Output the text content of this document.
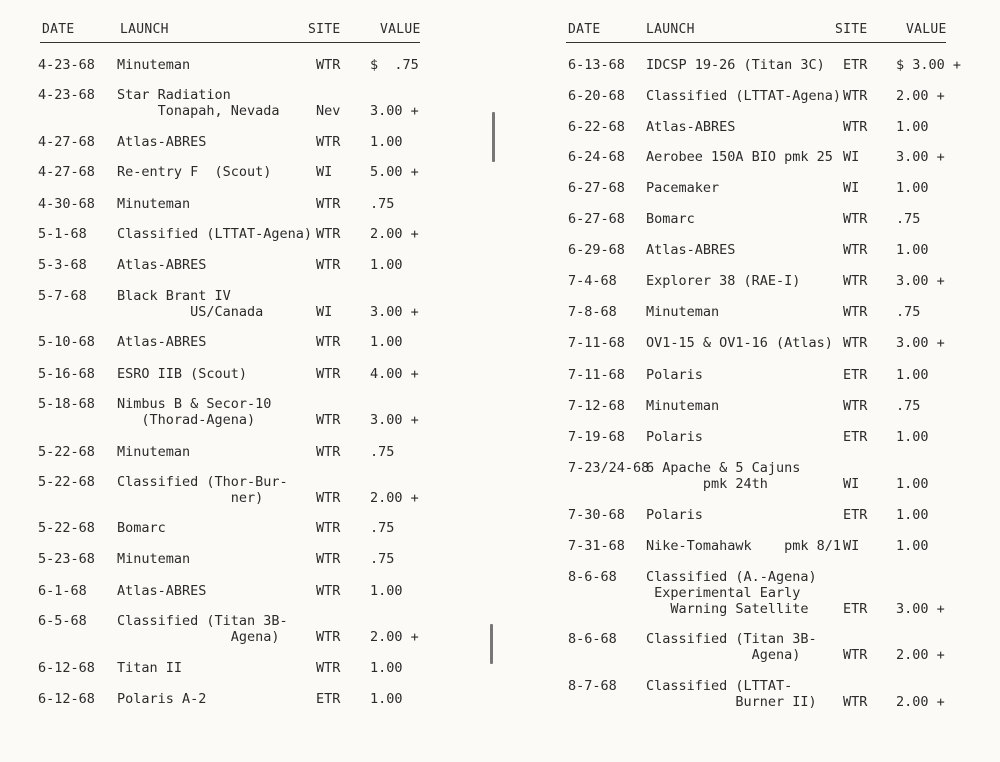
DATE	LAUNCH	SITE	VALUE
4-23-68 Minuteman	WTR $  .75
4-23-68 Star Radiation
Tonapah, Nevada	Nev 3.00 +
4-27-68 Atlas-ABRES	WTR 1.00
4-27-68 Re-entry F  (Scout)	WI	5.00 +
4-30-68 Minuteman	WTR .75
5-1-68 Classified (LTTAT-Agena) WTR 2.00 +
5-3-68 Atlas-ABRES	WTR 1.00
5-7-68 Black Brant IV
US/Canada	WI	3.00 +
5-10-68 Atlas-ABRES	WTR 1.00
5-16-68 ESRO IIB (Scout)	WTR 4.00 +
5-18-68 Nimbus B & Secor-10
(Thorad-Agena)	WTR 3.00 +
5-22-68 Minuteman	WTR .75
5-22-68 Classified (Thor-Bur-
ner)	WTR 2.00 +
5-22-68 Bomarc	WTR .75
5-23-68 Minuteman	WTR .75
6-1-68 Atlas-ABRES	WTR 1.00
6-5-68 Classified (Titan 3B-
Agena)	WTR 2.00 +
6-12-68 Titan II	WTR 1.00
6-12-68 Polaris A-2	ETR 1.00
DATE	LAUNCH	SITE	VALUE
6-13-68 IDCSP 19-26 (Titan 3C) ETR $ 3.00 +
6-20-68 Classified (LTTAT-Agena) WTR 2.00 +
6-22-68 Atlas-ABRES	WTR 1.00
6-24-68 Aerobee 150A BIO pmk 25 WI	3.00 +
6-27-68 Pacemaker	WI	1.00
6-27-68 Bomarc	WTR .75
6-29-68 Atlas-ABRES	WTR 1.00
7-4-68 Explorer 38 (RAE-I)	WTR 3.00 +
7-8-68 Minuteman	WTR .75
7-11-68 OV1-15 & OV1-16 (Atlas) WTR 3.00 +
7-11-68 Polaris	ETR 1.00
7-12-68 Minuteman	WTR .75
7-19-68 Polaris	ETR 1.00
7-23/24-68
6 Apache & 5 Cajuns
pmk 24th	WI	1.00
7-30-68 Polaris	ETR 1.00
7-31-68 Nike-Tomahawk    pmk 8/1 WI	1.00
8-6-68 Classified (A.-Agena)
Experimental Early
Warning Satellite	ETR 3.00 +
8-6-68 Classified (Titan 3B-
Agena)	WTR 2.00 +
8-7-68 Classified (LTTAT-
Burner II) WTR 2.00 +
